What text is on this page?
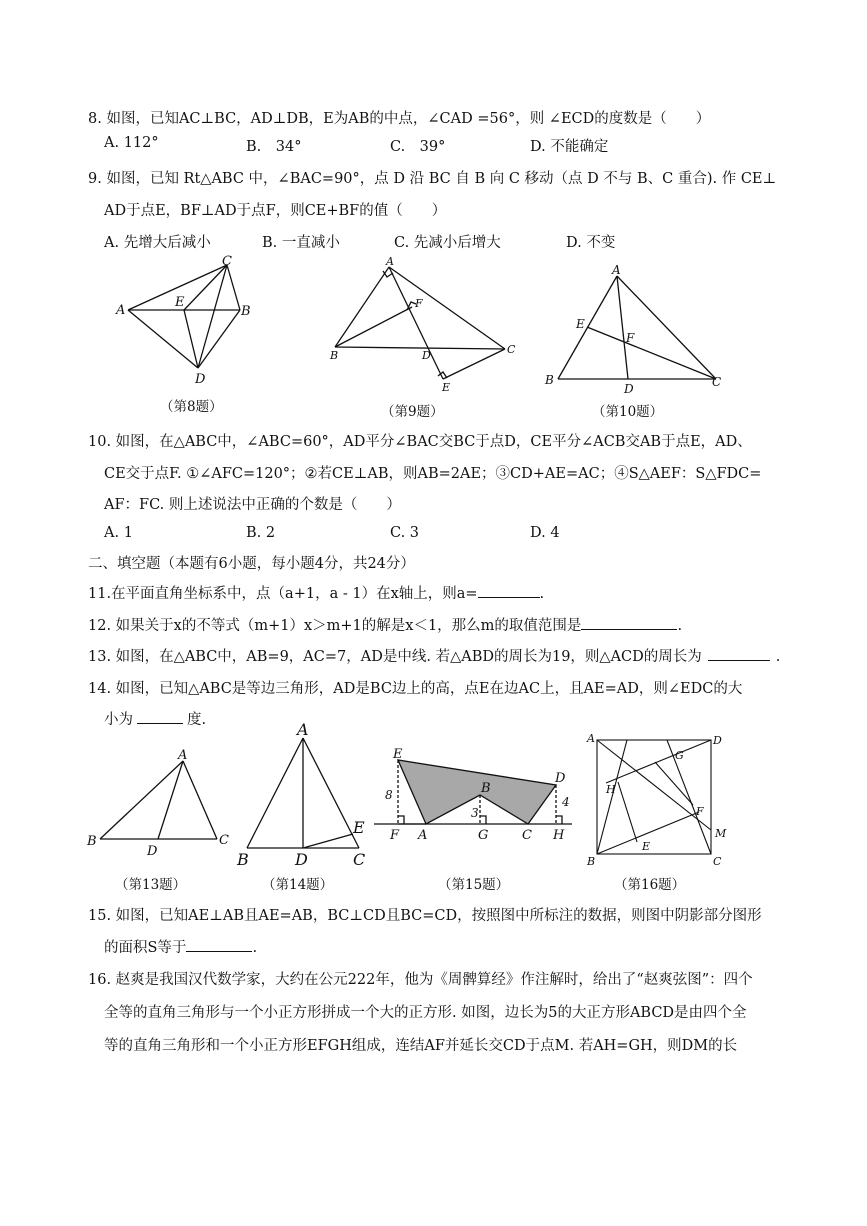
8. 如图，已知AC⊥BC，AD⊥DB，E为AB的中点，∠CAD =56°，则 ∠ECD的度数是（　　）
A. 112°	B.　34°	C.　39°	D. 不能确定
9. 如图，已知 Rt△ABC 中，∠BAC=90°，点 D 沿 BC 自 B 向 C 移动（点 D 不与 B、C 重合). 作 CE⊥
AD于点E，BF⊥AD于点F，则CE+BF的值（　　）
A. 先增大后减小	B. 一直减小	C. 先减小后增大	D. 不变
A	B
C
D
E
（第8题）
A
B	C
D
E
F
（第9题）
A
B	C
D
E
F
（第10题）
10. 如图，在△ABC中，∠ABC=60°，AD平分∠BAC交BC于点D，CE平分∠ACB交AB于点E，AD、
CE交于点F. ①∠AFC=120°；②若CE⊥AB，则AB=2AE；③CD+AE=AC；④S△AEF：S△FDC=
AF：FC. 则上述说法中正确的个数是（　　）
A. 1	B. 2	C. 3	D. 4
二、填空题（本题有6小题，每小题4分，共24分）
11.在平面直角坐标系中，点（a+1，a - 1）在x轴上，则a=	.
12. 如果关于x的不等式（m+1）x＞m+1的解是x＜1，那么m的取值范围是	.
13. 如图，在△ABC中，AB=9，AC=7，AD是中线. 若△ABD的周长为19，则△ACD的周长为	.
14. 如图，已知△ABC是等边三角形，AD是BC边上的高，点E在边AC上，且AE=AD，则∠EDC的大
小为	度.
A
B	C
D
（第13题）
A
B	C
D
E
（第14题）
E
B
D
F A	G	C H
8
3
4
（第15题）
A	D
G
H
F
M
E
B	C
（第16题）
15. 如图，已知AE⊥AB且AE=AB，BC⊥CD且BC=CD，按照图中所标注的数据，则图中阴影部分图形
的面积S等于	.
16. 赵爽是我国汉代数学家，大约在公元222年，他为《周髀算经》作注解时，给出了“赵爽弦图”：四个
全等的直角三角形与一个小正方形拼成一个大的正方形. 如图，边长为5的大正方形ABCD是由四个全
等的直角三角形和一个小正方形EFGH组成，连结AF并延长交CD于点M. 若AH=GH，则DM的长
